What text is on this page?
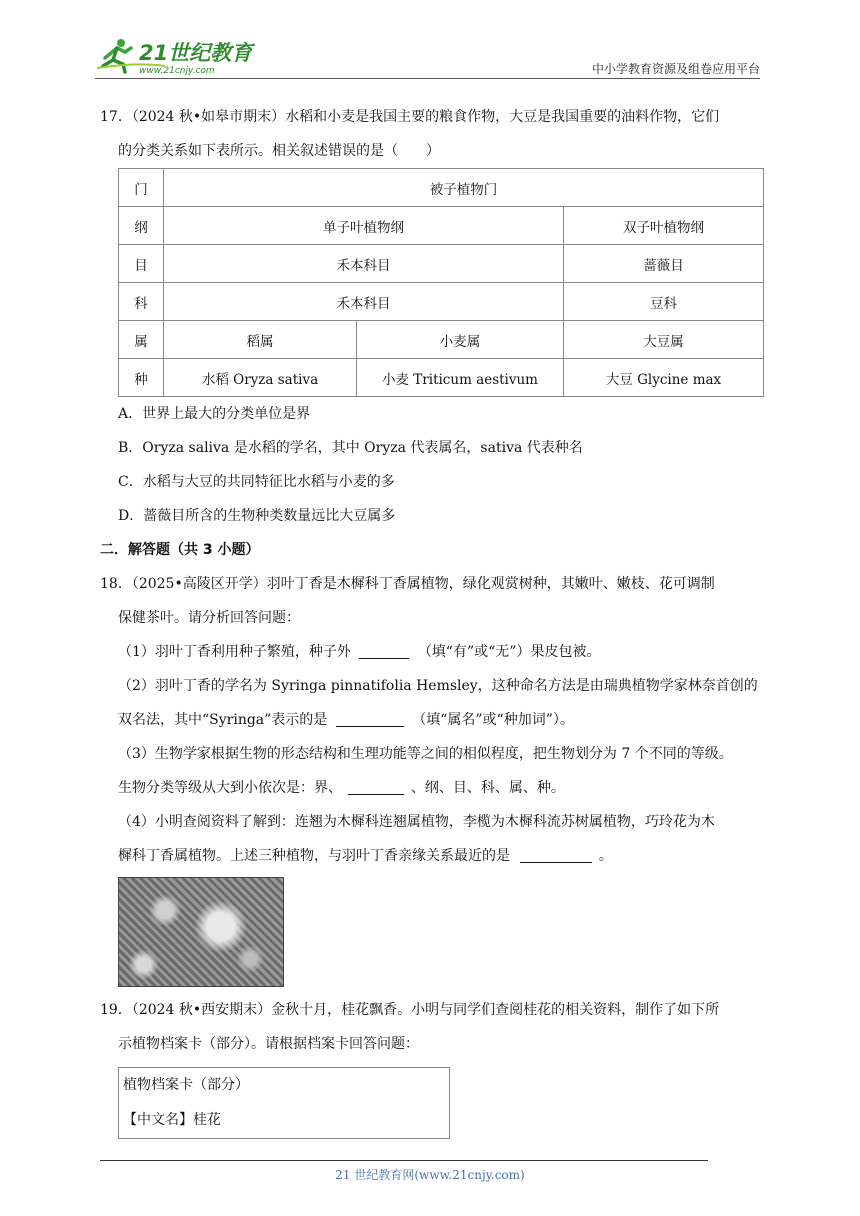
21世纪教育
www.21cnjy.com	中小学教育资源及组卷应用平台
17．（2024 秋•如皋市期末）水稻和小麦是我国主要的粮食作物，大豆是我国重要的油料作物，它们
的分类关系如下表所示。相关叙述错误的是（　　）
门	被子植物门		
纲	单子叶植物纲		双子叶植物纲
目	禾本科目		蔷薇目
科	禾本科目		豆科
属	稻属	小麦属	大豆属
种	水稻 Oryza sativa	小麦 Triticum aestivum	大豆 Glycine max
A．世界上最大的分类单位是界
B．Oryza saliva 是水稻的学名，其中 Oryza 代表属名，sativa 代表种名
C．水稻与大豆的共同特征比水稻与小麦的多
D．蔷薇目所含的生物种类数量远比大豆属多
二．解答题（共 3 小题）
18．（2025•高陵区开学）羽叶丁香是木樨科丁香属植物，绿化观赏树种，其嫩叶、嫩枝、花可调制
保健茶叶。请分析回答问题：
（1）羽叶丁香利用种子繁殖，种子外	（填“有”或“无”）果皮包被。
（2）羽叶丁香的学名为 Syringa pinnatifolia Hemsley，这种命名方法是由瑞典植物学家林奈首创的
双名法，其中“Syringa”表示的是	（填“属名”或“种加词”）。
（3）生物学家根据生物的形态结构和生理功能等之间的相似程度，把生物划分为 7 个不同的等级。
生物分类等级从大到小依次是：界、	、纲、目、科、属、种。
（4）小明查阅资料了解到：连翘为木樨科连翘属植物，李榄为木樨科流苏树属植物，巧玲花为木
樨科丁香属植物。上述三种植物，与羽叶丁香亲缘关系最近的是	。
19．（2024 秋•西安期末）金秋十月，桂花飘香。小明与同学们查阅桂花的相关资料，制作了如下所
示植物档案卡（部分）。请根据档案卡回答问题：
植物档案卡（部分）
【中文名】桂花
21 世纪教育网(www.21cnjy.com)
